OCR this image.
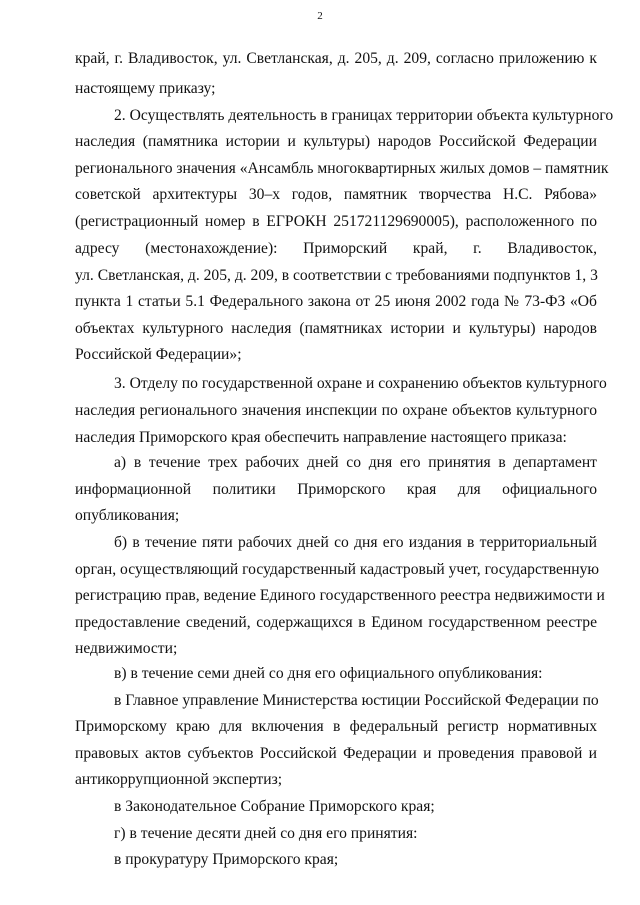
2
край, г. Владивосток, ул. Светланская, д. 205, д. 209, согласно приложению к
настоящему приказу;
2. Осуществлять деятельность в границах территории объекта культурного
наследия (памятника истории и культуры) народов Российской Федерации
регионального значения «Ансамбль многоквартирных жилых домов – памятник
советской архитектуры 30–х годов, памятник творчества Н.С. Рябова»
(регистрационный номер в ЕГРОКН 251721129690005), расположенного по
адресу (местонахождение): Приморский край, г. Владивосток,
ул. Светланская, д. 205, д. 209, в соответствии с требованиями подпунктов 1, 3
пункта 1 статьи 5.1 Федерального закона от 25 июня 2002 года № 73-ФЗ «Об
объектах культурного наследия (памятниках истории и культуры) народов
Российской Федерации»;
3. Отделу по государственной охране и сохранению объектов культурного
наследия регионального значения инспекции по охране объектов культурного
наследия Приморского края обеспечить направление настоящего приказа:
а) в течение трех рабочих дней со дня его принятия в департамент
информационной политики Приморского края для официального
опубликования;
б) в течение пяти рабочих дней со дня его издания в территориальный
орган, осуществляющий государственный кадастровый учет, государственную
регистрацию прав, ведение Единого государственного реестра недвижимости и
предоставление сведений, содержащихся в Едином государственном реестре
недвижимости;
в) в течение семи дней со дня его официального опубликования:
в Главное управление Министерства юстиции Российской Федерации по
Приморскому краю для включения в федеральный регистр нормативных
правовых актов субъектов Российской Федерации и проведения правовой и
антикоррупционной экспертиз;
в Законодательное Собрание Приморского края;
г) в течение десяти дней со дня его принятия:
в прокуратуру Приморского края;
